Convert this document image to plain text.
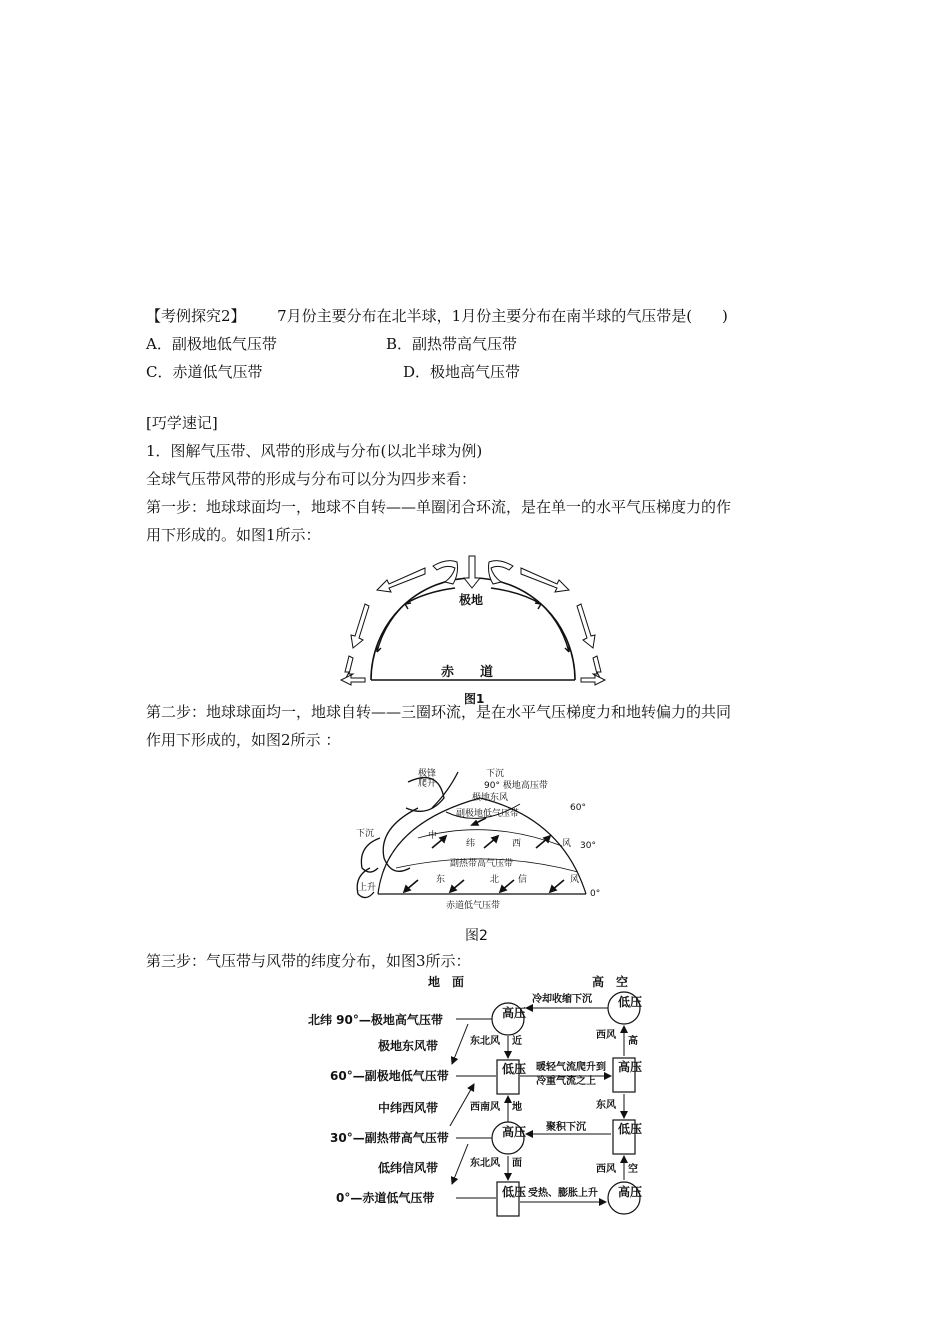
【考例探究2】 7月份主要分布在北半球，1月份主要分布在南半球的气压带是(　　)
A．副极地低气压带	B．副热带高气压带
C．赤道低气压带	D．极地高气压带
[巧学速记]
1．图解气压带、风带的形成与分布(以北半球为例)
全球气压带风带的形成与分布可以分为四步来看：
第一步：地球球面均一，地球不自转——单圈闭合环流，是在单一的水平气压梯度力的作
用下形成的。如图1所示：
极地
赤　　道
图1
第二步：地球球面均一，地球自转——三圈环流，是在水平气压梯度力和地转偏力的共同
作用下形成的，如图2所示 ：
极锋
爬升
下沉
90° 极地高压带
极地东风
副极地低气压带
60°
中
纬	西	风 30°
副热带高气压带
下沉
东	北 信	风
上升
0°
赤道低气压带
图2
第三步：气压带与风带的纬度分布，如图3所示：
地　面	高　空
北纬 90°—极地高气压带
极地东风带
60°—副极地低气压带
中纬西风带
30°—副热带高气压带
低纬信风带
0°—赤道低气压带
高压
低压
高压
低压
低压
高压
低压
高压
冷却收缩下沉
暖轻气流爬升到
冷重气流之上
聚积下沉
受热、膨胀上升
东北风 近
西南风 地
东北风 面
西风
高
东风
西风 空
